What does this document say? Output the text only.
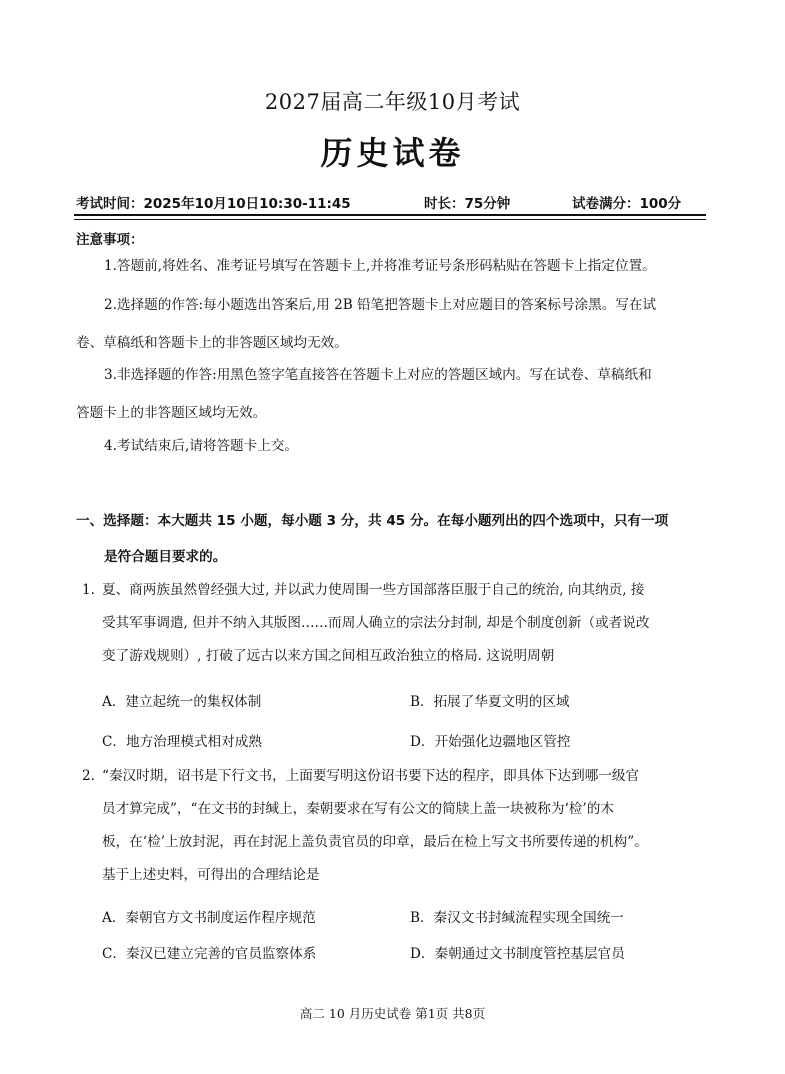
2027届高二年级10月考试
历史试卷
考试时间：2025年10月10日10:30-11:45	时长：75分钟	试卷满分：100分
注意事项：
1.答题前,将姓名、准考证号填写在答题卡上,并将准考证号条形码粘贴在答题卡上指定位置。
2.选择题的作答:每小题选出答案后,用 2B 铅笔把答题卡上对应题目的答案标号涂黑。写在试
卷、草稿纸和答题卡上的非答题区域均无效。
3.非选择题的作答:用黑色签字笔直接答在答题卡上对应的答题区域内。写在试卷、草稿纸和
答题卡上的非答题区域均无效。
4.考试结束后,请将答题卡上交。
一、选择题：本大题共 15 小题，每小题 3 分，共 45 分。在每小题列出的四个选项中，只有一项
是符合题目要求的。
1. 夏、商两族虽然曾经强大过, 并以武力使周围一些方国部落臣服于自己的统治, 向其纳贡, 接
受其军事调遣, 但并不纳入其版图……而周人确立的宗法分封制, 却是个制度创新（或者说改
变了游戏规则）, 打破了远古以来方国之间相互政治独立的格局. 这说明周朝
A．建立起统一的集权体制	B．拓展了华夏文明的区域
C．地方治理模式相对成熟	D．开始强化边疆地区管控
2. “秦汉时期，诏书是下行文书，上面要写明这份诏书要下达的程序，即具体下达到哪一级官
员才算完成”，“在文书的封缄上，秦朝要求在写有公文的简牍上盖一块被称为‘检’的木
板，在‘检’上放封泥，再在封泥上盖负责官员的印章，最后在检上写文书所要传递的机构”。
基于上述史料，可得出的合理结论是
A．秦朝官方文书制度运作程序规范	B．秦汉文书封缄流程实现全国统一
C．秦汉已建立完善的官员监察体系	D．秦朝通过文书制度管控基层官员
高二 10 月历史试卷 第1页 共8页
